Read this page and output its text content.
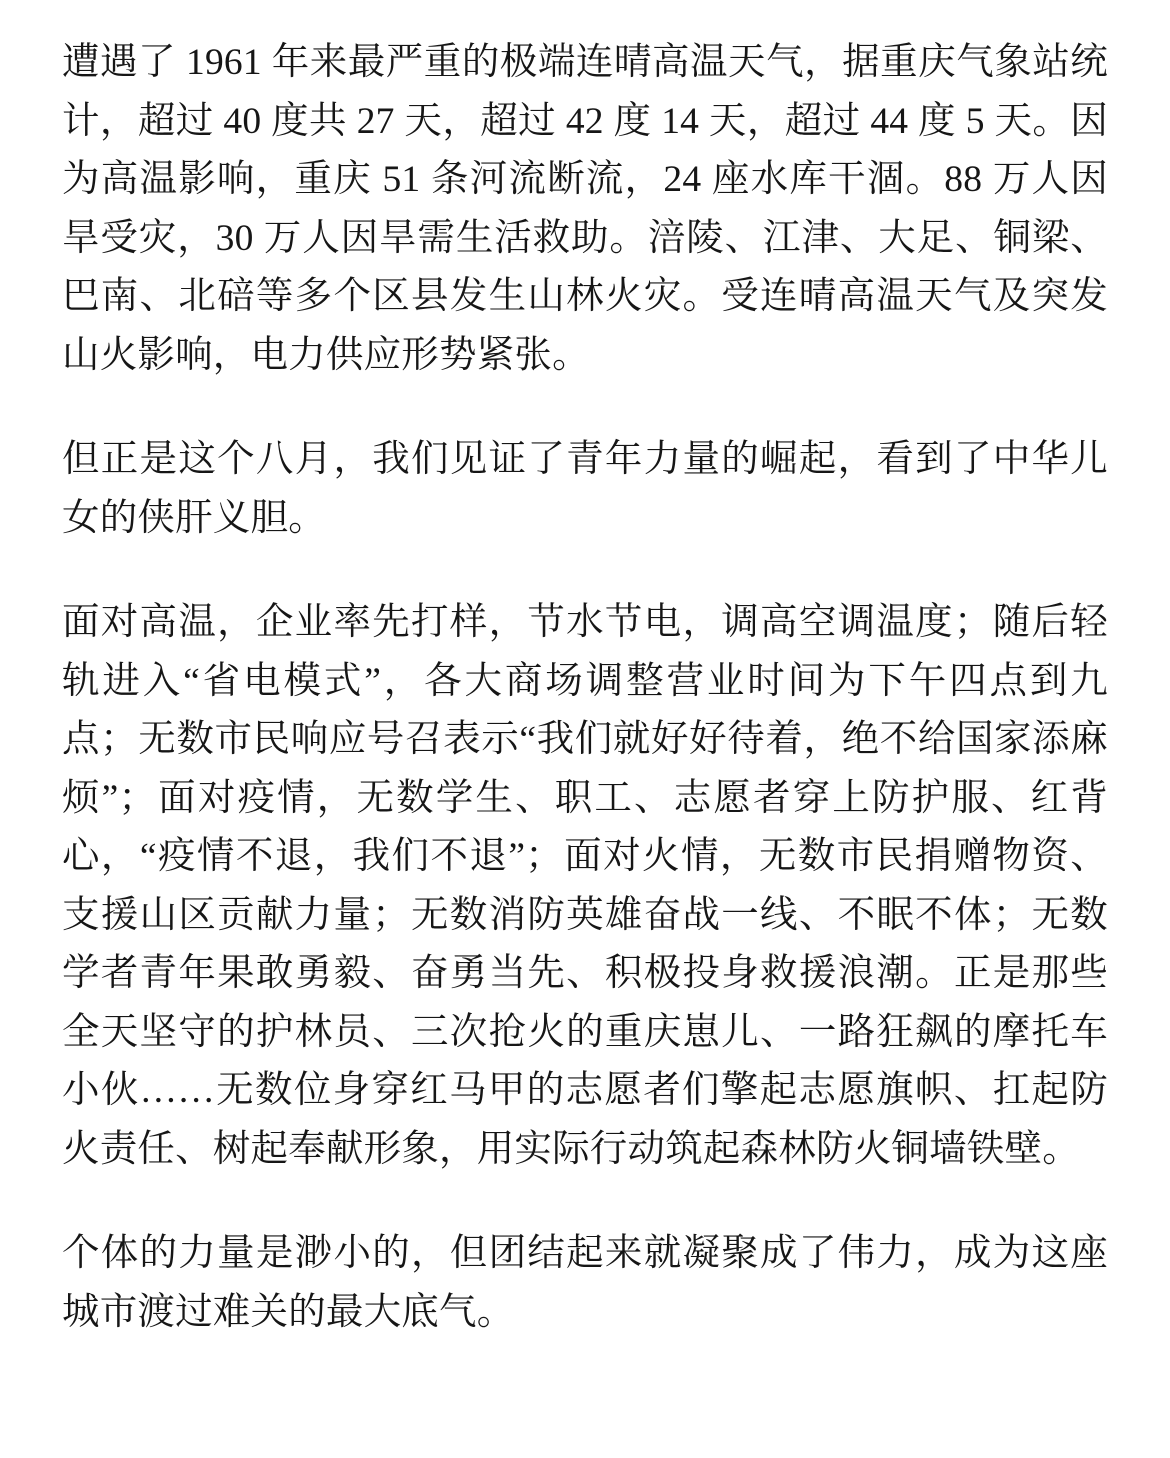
遭遇了 1961 年来最严重的极端连晴高温天气，据重庆气象站统计，超过 40 度共 27 天，超过 42 度 14 天，超过 44 度 5 天。因为高温影响，重庆 51 条河流断流，24 座水库干涸。88 万人因旱受灾，30 万人因旱需生活救助。涪陵、江津、大足、铜梁、巴南、北碚等多个区县发生山林火灾。受连晴高温天气及突发山火影响，电力供应形势紧张。

但正是这个八月，我们见证了青年力量的崛起，看到了中华儿女的侠肝义胆。

面对高温，企业率先打样，节水节电，调高空调温度；随后轻轨进入“省电模式”，各大商场调整营业时间为下午四点到九点；无数市民响应号召表示“我们就好好待着，绝不给国家添麻烦”；面对疫情，无数学生、职工、志愿者穿上防护服、红背心，“疫情不退，我们不退”；面对火情，无数市民捐赠物资、支援山区贡献力量；无数消防英雄奋战一线、不眠不体；无数学者青年果敢勇毅、奋勇当先、积极投身救援浪潮。正是那些全天坚守的护林员、三次抢火的重庆崽儿、一路狂飙的摩托车小伙……无数位身穿红马甲的志愿者们擎起志愿旗帜、扛起防火责任、树起奉献形象，用实际行动筑起森林防火铜墙铁壁。

个体的力量是渺小的，但团结起来就凝聚成了伟力，成为这座城市渡过难关的最大底气。
